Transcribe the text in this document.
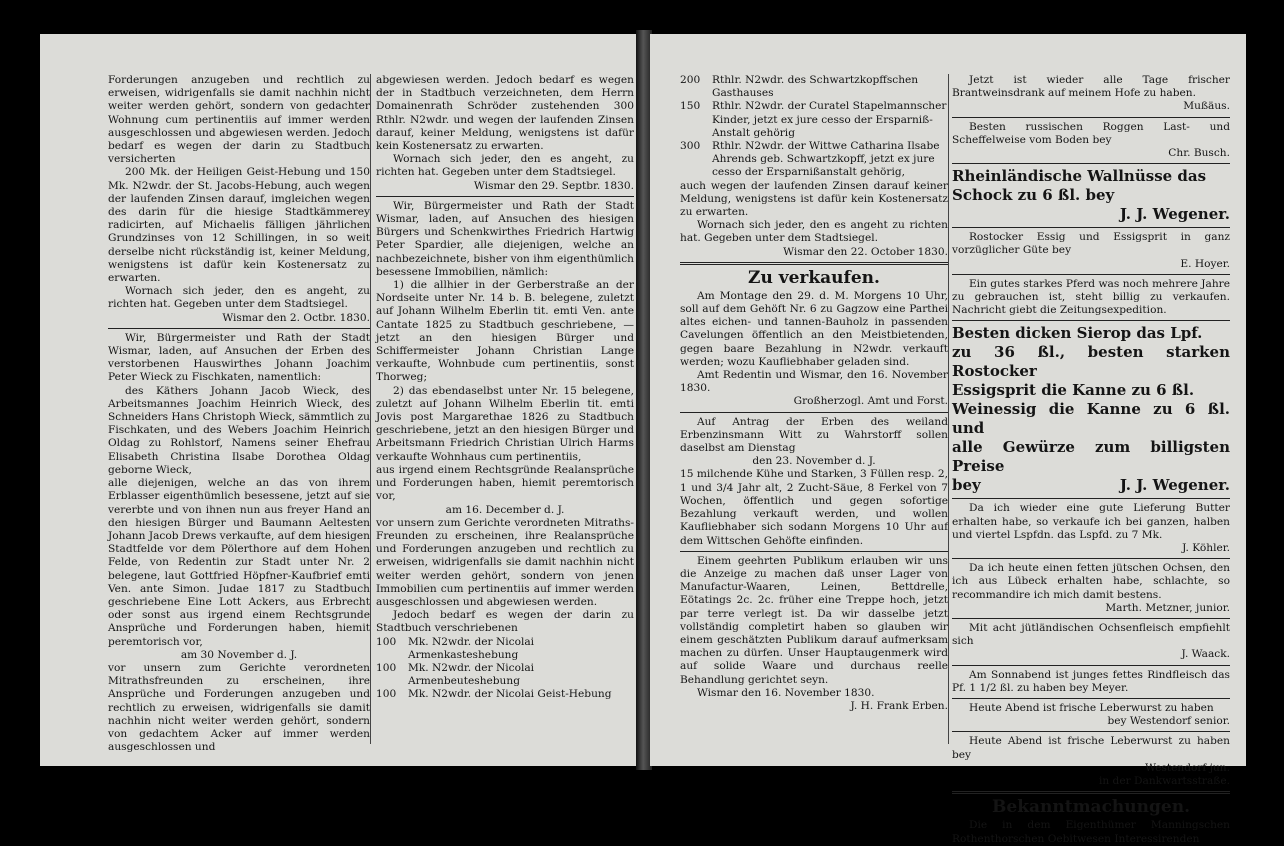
Forderungen anzugeben und rechtlich zu erweisen, widrigenfalls sie damit nachhin nicht weiter werden gehört, sondern von gedachter Wohnung cum pertinentiis auf immer werden ausgeschlossen und abgewiesen werden. Jedoch bedarf es wegen der darin zu Stadtbuch versicherten

200 Mk. der Heiligen Geist-Hebung und 150 Mk. N2wdr. der St. Jacobs-Hebung, auch wegen der laufenden Zinsen darauf, imgleichen wegen des darin für die hiesige Stadtkämmerey radicirten, auf Michaelis fälligen jährlichen Grundzinses von 12 Schillingen, in so weit derselbe nicht rückständig ist, keiner Meldung, wenigstens ist dafür kein Kostenersatz zu erwarten.

Wornach sich jeder, den es angeht, zu richten hat. Gegeben unter dem Stadtsiegel.

Wismar den 2. Octbr. 1830.

Wir, Bürgermeister und Rath der Stadt Wismar, laden, auf Ansuchen der Erben des verstorbenen Hauswirthes Johann Joachim Peter Wieck zu Fischkaten, namentlich:

des Käthers Johann Jacob Wieck, des Arbeitsmannes Joachim Heinrich Wieck, des Schneiders Hans Christoph Wieck, sämmtlich zu Fischkaten, und des Webers Joachim Heinrich Oldag zu Rohlstorf, Namens seiner Ehefrau Elisabeth Christina Ilsabe Dorothea Oldag geborne Wieck,

alle diejenigen, welche an das von ihrem Erblasser eigenthümlich besessene, jetzt auf sie vererbte und von ihnen nun aus freyer Hand an den hiesigen Bürger und Baumann Aeltesten Johann Jacob Drews verkaufte, auf dem hiesigen Stadtfelde vor dem Pölerthore auf dem Hohen Felde, von Redentin zur Stadt unter Nr. 2 belegene, laut Gottfried Höpfner-Kaufbrief emti Ven. ante Simon. Judae 1817 zu Stadtbuch geschriebene Eine Lott Ackers, aus Erbrecht oder sonst aus irgend einem Rechtsgrunde Ansprüche und Forderungen haben, hiemit peremtorisch vor,

am 30 November d. J.

vor unsern zum Gerichte verordneten Mitrathsfreunden zu erscheinen, ihre Ansprüche und Forderungen anzugeben und rechtlich zu erweisen, widrigenfalls sie damit nachhin nicht weiter werden gehört, sondern von gedachtem Acker auf immer werden ausgeschlossen und

abgewiesen werden. Jedoch bedarf es wegen der in Stadtbuch verzeichneten, dem Herrn Domainenrath Schröder zustehenden 300 Rthlr. N2wdr. und wegen der laufenden Zinsen darauf, keiner Meldung, wenigstens ist dafür kein Kostenersatz zu erwarten.

Wornach sich jeder, den es angeht, zu richten hat. Gegeben unter dem Stadtsiegel.

Wismar den 29. Septbr. 1830.

Wir, Bürgermeister und Rath der Stadt Wismar, laden, auf Ansuchen des hiesigen Bürgers und Schenkwirthes Friedrich Hartwig Peter Spardier, alle diejenigen, welche an nachbezeichnete, bisher von ihm eigenthümlich besessene Immobilien, nämlich:

1) die allhier in der Gerberstraße an der Nordseite unter Nr. 14 b. B. belegene, zuletzt auf Johann Wilhelm Eberlin tit. emti Ven. ante Cantate 1825 zu Stadtbuch geschriebene, — jetzt an den hiesigen Bürger und Schiffermeister Johann Christian Lange verkaufte, Wohnbude cum pertinentiis, sonst Thorweg;

2) das ebendaselbst unter Nr. 15 belegene, zuletzt auf Johann Wilhelm Eberlin tit. emti Jovis post Margarethae 1826 zu Stadtbuch geschriebene, jetzt an den hiesigen Bürger und Arbeitsmann Friedrich Christian Ulrich Harms verkaufte Wohnhaus cum pertinentiis,

aus irgend einem Rechtsgründe Realansprüche und Forderungen haben, hiemit peremtorisch vor,

am 16. December d. J.

vor unsern zum Gerichte verordneten Mitraths-Freunden zu erscheinen, ihre Realansprüche und Forderungen anzugeben und rechtlich zu erweisen, widrigenfalls sie damit nachhin nicht weiter werden gehört, sondern von jenen Immobilien cum pertinentiis auf immer werden ausgeschlossen und abgewiesen werden.

Jedoch bedarf es wegen der darin zu Stadtbuch verschriebenen

100	Mk. N2wdr. der Nicolai Armenkasteshebung
100	Mk. N2wdr. der Nicolai Armenbeuteshebung
100	Mk. N2wdr. der Nicolai Geist-Hebung
200	Rthlr. N2wdr. des Schwartzkopffschen Gasthauses
150	Rthlr. N2wdr. der Curatel Stapelmannscher Kinder, jetzt ex jure cesso der Ersparniß-Anstalt gehörig
300	Rthlr. N2wdr. der Wittwe Catharina Ilsabe Ahrends geb. Schwartzkopff, jetzt ex jure cesso der Ersparnißanstalt gehörig,

auch wegen der laufenden Zinsen darauf keiner Meldung, wenigstens ist dafür kein Kostenersatz zu erwarten.

Wornach sich jeder, den es angeht zu richten hat. Gegeben unter dem Stadtsiegel.

Wismar den 22. October 1830.

Zu verkaufen.

Am Montage den 29. d. M. Morgens 10 Uhr, soll auf dem Gehöft Nr. 6 zu Gagzow eine Parthei altes eichen- und tannen-Bauholz in passenden Cavelungen öffentlich an den Meistbietenden, gegen baare Bezahlung in N2wdr. verkauft werden; wozu Kaufliebhaber geladen sind.

Amt Redentin und Wismar, den 16. November 1830.

Großherzogl. Amt und Forst.

Auf Antrag der Erben des weiland Erbenzinsmann Witt zu Wahrstorff sollen daselbst am Dienstag

den 23. November d. J.

15 milchende Kühe und Starken, 3 Füllen resp. 2, 1 und 3/4 Jahr alt, 2 Zucht-Säue, 8 Ferkel von 7 Wochen, öffentlich und gegen sofortige Bezahlung verkauft werden, und wollen Kaufliebhaber sich sodann Morgens 10 Uhr auf dem Wittschen Gehöfte einfinden.

Einem geehrten Publikum erlauben wir uns die Anzeige zu machen daß unser Lager von Manufactur-Waaren, Leinen, Bettdrelle, Eötatings 2c. 2c. früher eine Treppe hoch, jetzt par terre verlegt ist. Da wir dasselbe jetzt vollständig completirt haben so glauben wir einem geschätzten Publikum darauf aufmerksam machen zu dürfen. Unser Hauptaugenmerk wird auf solide Waare und durchaus reelle Behandlung gerichtet seyn.

Wismar den 16. November 1830.

J. H. Frank Erben.

Jetzt ist wieder alle Tage frischer Brantweinsdrank auf meinem Hofe zu haben.

Mußäus.

Besten russischen Roggen Last- und Scheffelweise vom Boden bey

Chr. Busch.

Rheinländische Wallnüsse das

Schock zu 6 ßl. bey

J. J. Wegener.

Rostocker Essig und Essigsprit in ganz vorzüglicher Güte bey

E. Hoyer.

Ein gutes starkes Pferd was noch mehrere Jahre zu gebrauchen ist, steht billig zu verkaufen. Nachricht giebt die Zeitungsexpedition.

Besten dicken Sierop das Lpf.

zu 36 ßl., besten starken Rostocker

Essigsprit die Kanne zu 6 ßl.

Weinessig die Kanne zu 6 ßl. und

alle Gewürze zum billigsten Preise

bey	J. J. Wegener.

Da ich wieder eine gute Lieferung Butter erhalten habe, so verkaufe ich bei ganzen, halben und viertel Lspfdn. das Lspfd. zu 7 Mk.

J. Köhler.

Da ich heute einen fetten jütschen Ochsen, den ich aus Lübeck erhalten habe, schlachte, so recommandire ich mich damit bestens.

Marth. Metzner, junior.

Mit acht jütländischen Ochsenfleisch empfiehlt sich

J. Waack.

Am Sonnabend ist junges fettes Rindfleisch das Pf. 1 1/2 ßl. zu haben bey Meyer.

Heute Abend ist frische Leberwurst zu haben

bey Westendorf senior.

Heute Abend ist frische Leberwurst zu haben bey

Westendorf jun.

in der Dankwartsstraße.

Bekanntmachungen.

Die in dem Eigenthümer Manningschen Rothenthorschen Oebitwesen Interessirenden
